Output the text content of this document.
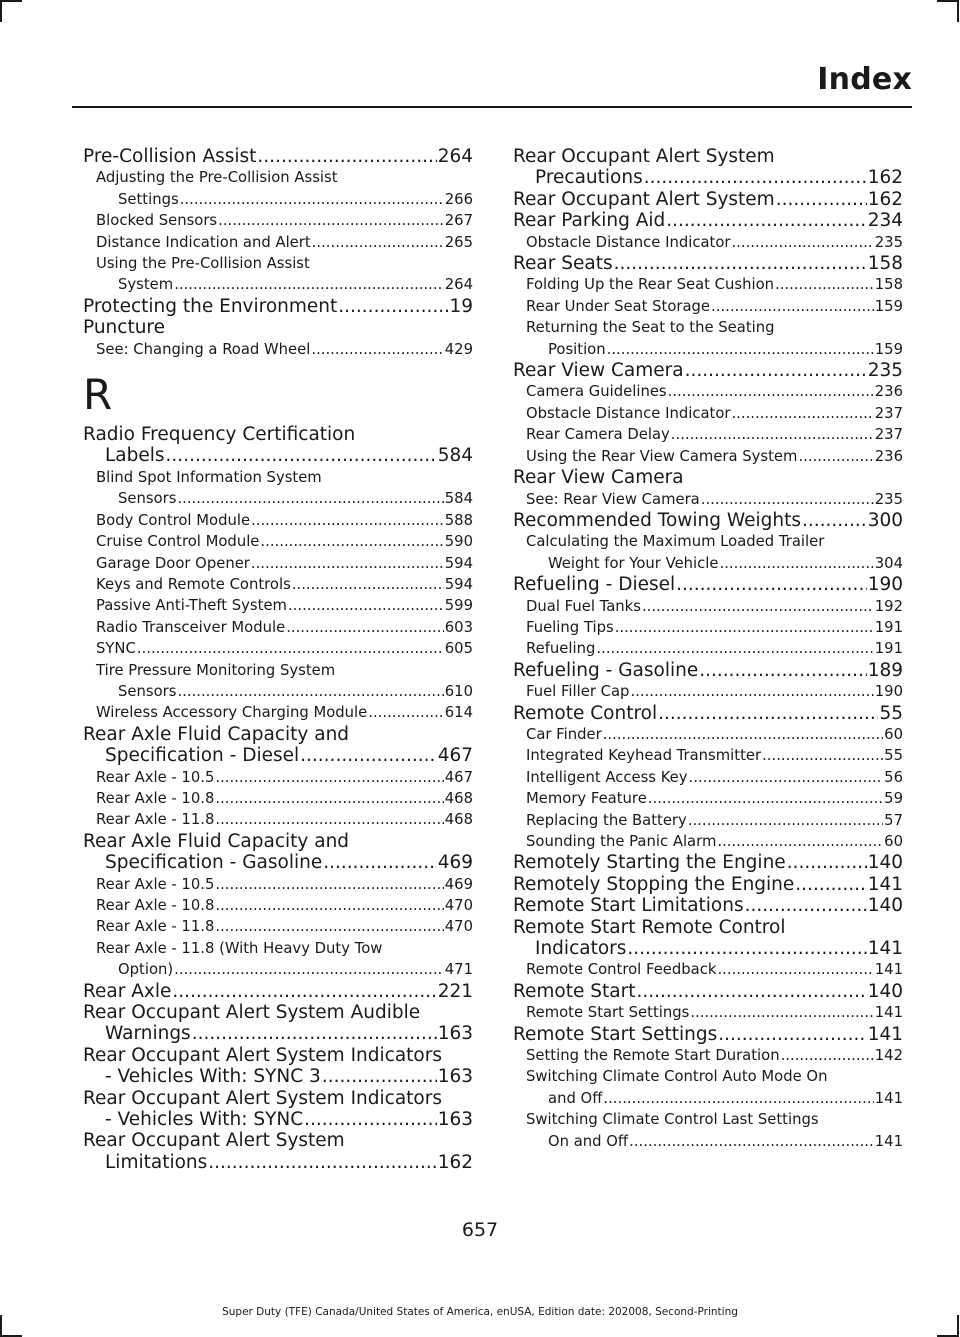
Index
Pre-Collision Assist .....	264
Adjusting the Pre-Collision Assist
Settings .....	266
Blocked Sensors .....	267
Distance Indication and Alert .....	265
Using the Pre-Collision Assist
System .....	264
Protecting the Environment .....	19
Puncture
See: Changing a Road Wheel .....	429
R
Radio Frequency Certification
Labels .....	584
Blind Spot Information System
Sensors .....	584
Body Control Module .....	588
Cruise Control Module .....	590
Garage Door Opener .....	594
Keys and Remote Controls .....	594
Passive Anti-Theft System .....	599
Radio Transceiver Module .....	603
SYNC .....	605
Tire Pressure Monitoring System
Sensors .....	610
Wireless Accessory Charging Module .....	614
Rear Axle Fluid Capacity and
Specification - Diesel .....	467
Rear Axle - 10.5 .....	467
Rear Axle - 10.8 .....	468
Rear Axle - 11.8 .....	468
Rear Axle Fluid Capacity and
Specification - Gasoline .....	469
Rear Axle - 10.5 .....	469
Rear Axle - 10.8 .....	470
Rear Axle - 11.8 .....	470
Rear Axle - 11.8 (With Heavy Duty Tow
Option) .....	471
Rear Axle .....	221
Rear Occupant Alert System Audible
Warnings .....	163
Rear Occupant Alert System Indicators
- Vehicles With: SYNC 3 .....	163
Rear Occupant Alert System Indicators
- Vehicles With: SYNC .....	163
Rear Occupant Alert System
Limitations .....	162
Rear Occupant Alert System
Precautions .....	162
Rear Occupant Alert System .....	162
Rear Parking Aid .....	234
Obstacle Distance Indicator .....	235
Rear Seats .....	158
Folding Up the Rear Seat Cushion .....	158
Rear Under Seat Storage .....	159
Returning the Seat to the Seating
Position .....	159
Rear View Camera .....	235
Camera Guidelines .....	236
Obstacle Distance Indicator .....	237
Rear Camera Delay .....	237
Using the Rear View Camera System .....	236
Rear View Camera
See: Rear View Camera .....	235
Recommended Towing Weights .....	300
Calculating the Maximum Loaded Trailer
Weight for Your Vehicle .....	304
Refueling - Diesel .....	190
Dual Fuel Tanks .....	192
Fueling Tips .....	191
Refueling .....	191
Refueling - Gasoline .....	189
Fuel Filler Cap .....	190
Remote Control .....	55
Car Finder .....	60
Integrated Keyhead Transmitter .....	55
Intelligent Access Key .....	56
Memory Feature .....	59
Replacing the Battery .....	57
Sounding the Panic Alarm .....	60
Remotely Starting the Engine .....	140
Remotely Stopping the Engine .....	141
Remote Start Limitations .....	140
Remote Start Remote Control
Indicators .....	141
Remote Control Feedback .....	141
Remote Start .....	140
Remote Start Settings .....	141
Remote Start Settings .....	141
Setting the Remote Start Duration .....	142
Switching Climate Control Auto Mode On
and Off .....	141
Switching Climate Control Last Settings
On and Off .....	141
657
Super Duty (TFE) Canada/United States of America, enUSA, Edition date: 202008, Second-Printing
